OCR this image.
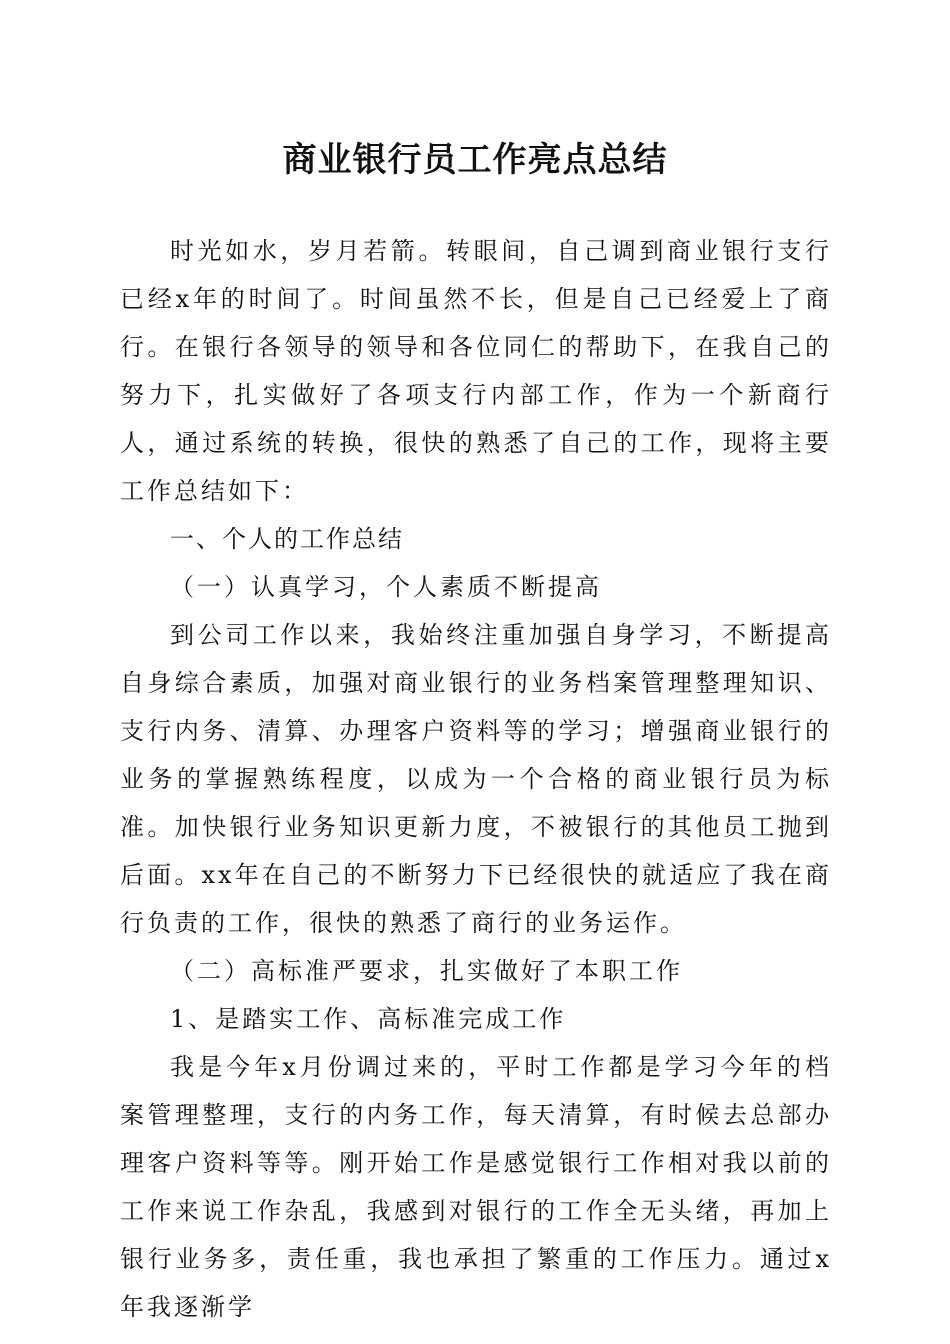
商业银行员工作亮点总结

时光如水，岁月若箭。转眼间，自己调到商业银行支行已经x年的时间了。时间虽然不长，但是自己已经爱上了商行。在银行各领导的领导和各位同仁的帮助下，在我自己的努力下，扎实做好了各项支行内部工作，作为一个新商行人，通过系统的转换，很快的熟悉了自己的工作，现将主要工作总结如下：

一、个人的工作总结

（一）认真学习，个人素质不断提高

到公司工作以来，我始终注重加强自身学习，不断提高自身综合素质，加强对商业银行的业务档案管理整理知识、支行内务、清算、办理客户资料等的学习；增强商业银行的业务的掌握熟练程度，以成为一个合格的商业银行员为标准。加快银行业务知识更新力度，不被银行的其他员工抛到后面。xx年在自己的不断努力下已经很快的就适应了我在商行负责的工作，很快的熟悉了商行的业务运作。

（二）高标准严要求，扎实做好了本职工作

1、是踏实工作、高标准完成工作

我是今年x月份调过来的，平时工作都是学习今年的档案管理整理，支行的内务工作，每天清算，有时候去总部办理客户资料等等。刚开始工作是感觉银行工作相对我以前的工作来说工作杂乱，我感到对银行的工作全无头绪，再加上银行业务多，责任重，我也承担了繁重的工作压力。通过x年我逐渐学
